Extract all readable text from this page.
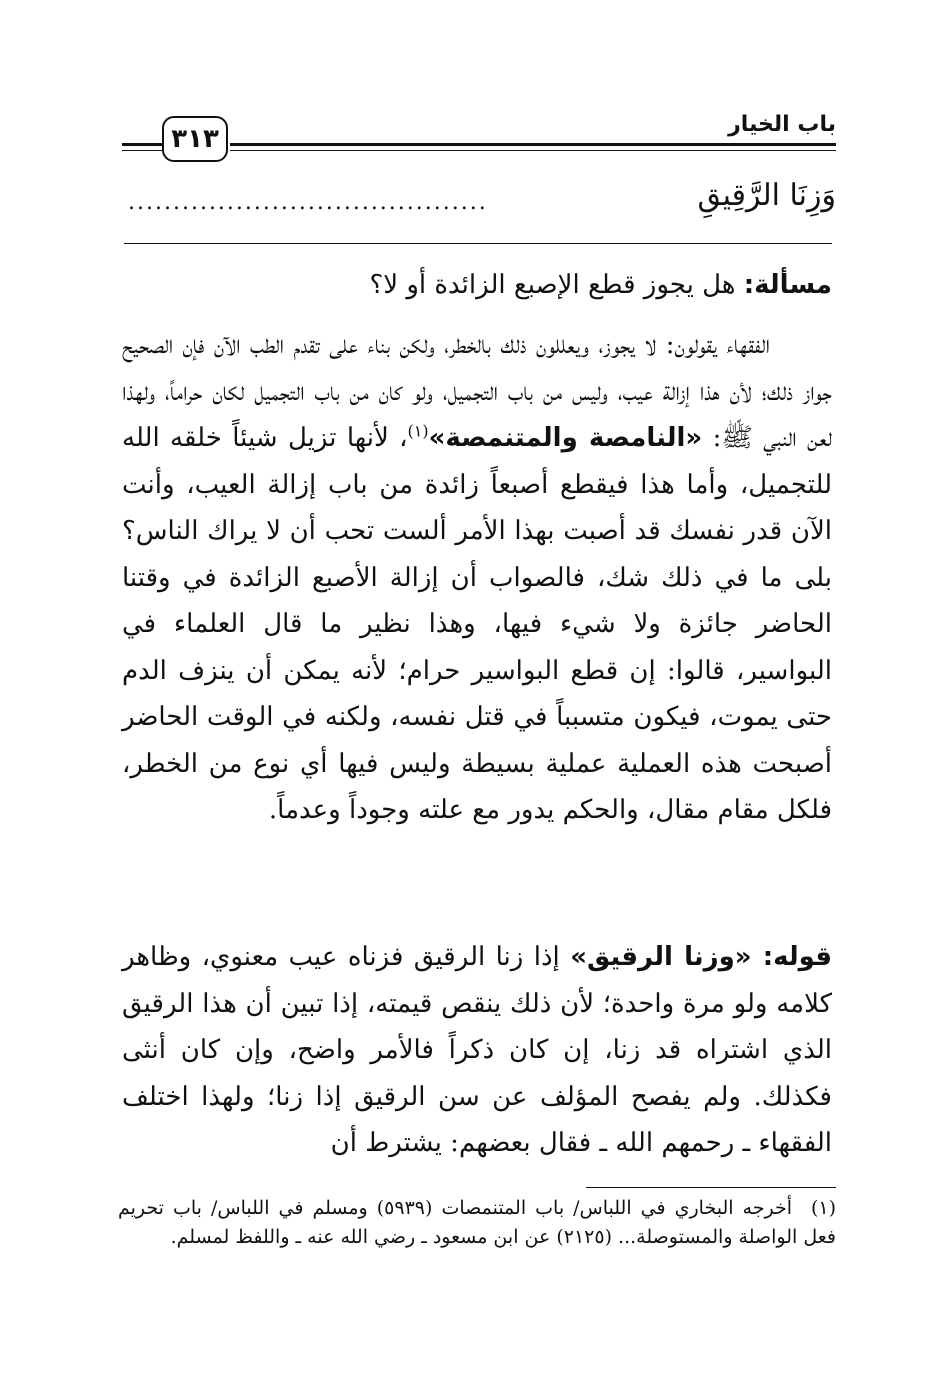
باب الخيار
٣١٣
وَزِنَا الرَّقِيقِ
........................................
مسألة: هل يجوز قطع الإصبع الزائدة أو لا؟
الفقهاء يقولون: لا يجوز، ويعللون ذلك بالخطر، ولكن بناء على تقدم الطب الآن فإن الصحيح جواز ذلك؛ لأن هذا إزالة عيب، وليس من باب التجميل، ولو كان من باب التجميل لكان حراماً، ولهذا لعن النبي ﷺ: «النامصة والمتنمصة»$^{(١)}$، لأنها تزيل شيئاً خلقه الله للتجميل، وأما هذا فيقطع أصبعاً زائدة من باب إزالة العيب، وأنت الآن قدر نفسك قد أصبت بهذا الأمر ألست تحب أن لا يراك الناس؟ بلى ما في ذلك شك، فالصواب أن إزالة الأصبع الزائدة في وقتنا الحاضر جائزة ولا شيء فيها، وهذا نظير ما قال العلماء في البواسير، قالوا: إن قطع البواسير حرام؛ لأنه يمكن أن ينزف الدم حتى يموت، فيكون متسبباً في قتل نفسه، ولكنه في الوقت الحاضر أصبحت هذه العملية عملية بسيطة وليس فيها أي نوع من الخطر، فلكل مقام مقال، والحكم يدور مع علته وجوداً وعدماً.
قوله: «وزنا الرقيق» إذا زنا الرقيق فزناه عيب معنوي، وظاهر كلامه ولو مرة واحدة؛ لأن ذلك ينقص قيمته، إذا تبين أن هذا الرقيق الذي اشتراه قد زنا، إن كان ذكراً فالأمر واضح، وإن كان أنثى فكذلك. ولم يفصح المؤلف عن سن الرقيق إذا زنا؛ ولهذا اختلف الفقهاء ـ رحمهم الله ـ فقال بعضهم: يشترط أن
(١)أخرجه البخاري في اللباس/ باب المتنمصات (٥٩٣٩) ومسلم في اللباس/ باب تحريم فعل الواصلة والمستوصلة... (٢١٢٥) عن ابن مسعود ـ رضي الله عنه ـ واللفظ لمسلم.
